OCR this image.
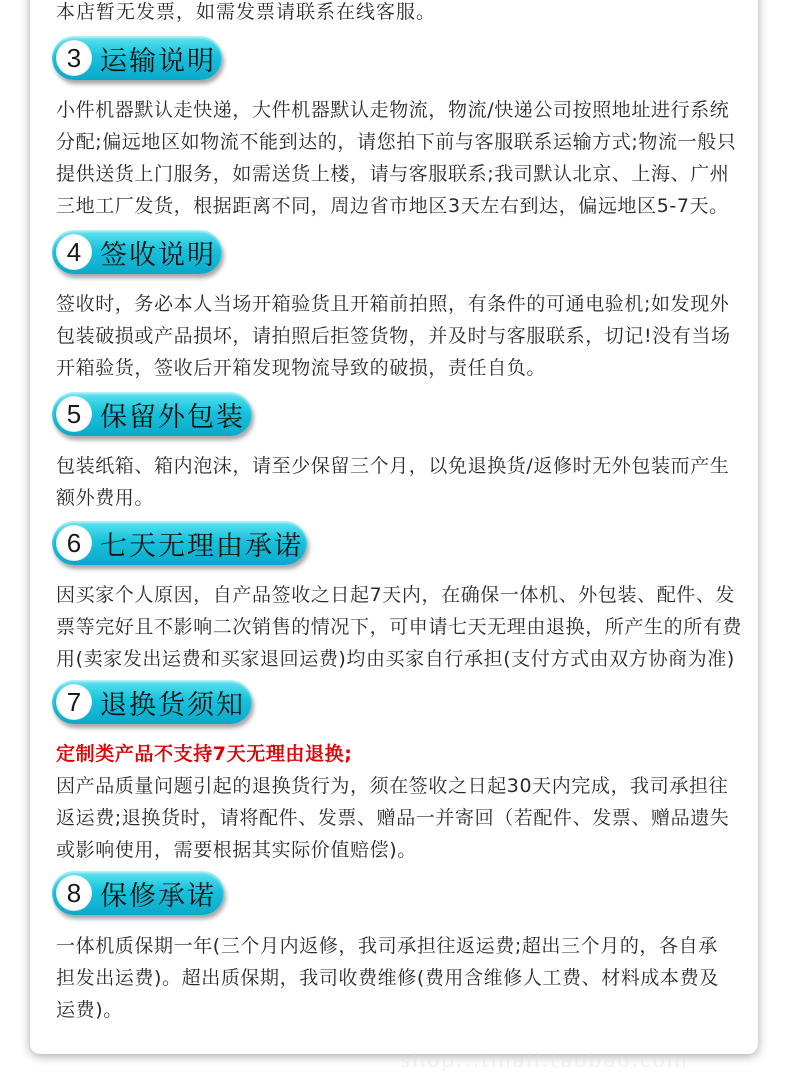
本店暂无发票，如需发票请联系在线客服。
3 运输说明
小件机器默认走快递，大件机器默认走物流，物流/快递公司按照地址进行系统
分配;偏远地区如物流不能到达的，请您拍下前与客服联系运输方式;物流一般只
提供送货上门服务，如需送货上楼，请与客服联系;我司默认北京、上海、广州
三地工厂发货，根据距离不同，周边省市地区3天左右到达，偏远地区5-7天。
4 签收说明
签收时，务必本人当场开箱验货且开箱前拍照，有条件的可通电验机;如发现外
包装破损或产品损坏，请拍照后拒签货物，并及时与客服联系，切记!没有当场
开箱验货，签收后开箱发现物流导致的破损，责任自负。
5 保留外包装
包装纸箱、箱内泡沫，请至少保留三个月，以免退换货/返修时无外包装而产生
额外费用。
6 七天无理由承诺
因买家个人原因，自产品签收之日起7天内，在确保一体机、外包装、配件、发
票等完好且不影响二次销售的情况下，可申请七天无理由退换，所产生的所有费
用(卖家发出运费和买家退回运费)均由买家自行承担(支付方式由双方协商为准)
7 退换货须知
定制类产品不支持7天无理由退换;
因产品质量问题引起的退换货行为，须在签收之日起30天内完成，我司承担往
返运费;退换货时，请将配件、发票、赠品一并寄回（若配件、发票、赠品遗失
或影响使用，需要根据其实际价值赔偿)。
8 保修承诺
一体机质保期一年(三个月内返修，我司承担往返运费;超出三个月的，各自承
担发出运费)。超出质保期，我司收费维修(费用含维修人工费、材料成本费及
运费)。
shop...tmall.taobao.com
